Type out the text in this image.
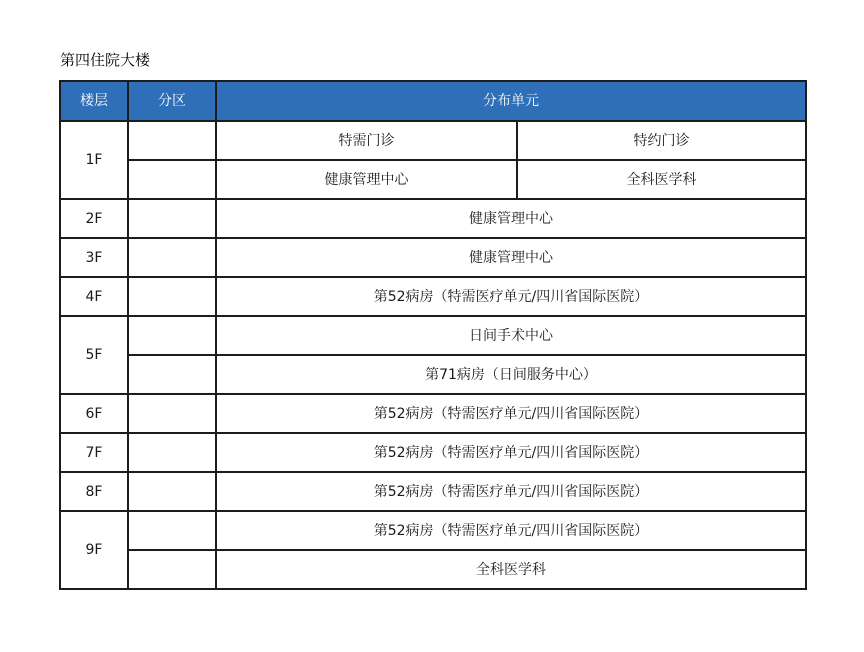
第四住院大楼
楼层	分区	分布单元	
1F		特需门诊	特约门诊
		健康管理中心	全科医学科
2F		健康管理中心	
3F		健康管理中心	
4F		第52病房（特需医疗单元/四川省国际医院）	
5F		日间手术中心	
		第71病房（日间服务中心）	
6F		第52病房（特需医疗单元/四川省国际医院）	
7F		第52病房（特需医疗单元/四川省国际医院）	
8F		第52病房（特需医疗单元/四川省国际医院）	
9F		第52病房（特需医疗单元/四川省国际医院）	
		全科医学科	
